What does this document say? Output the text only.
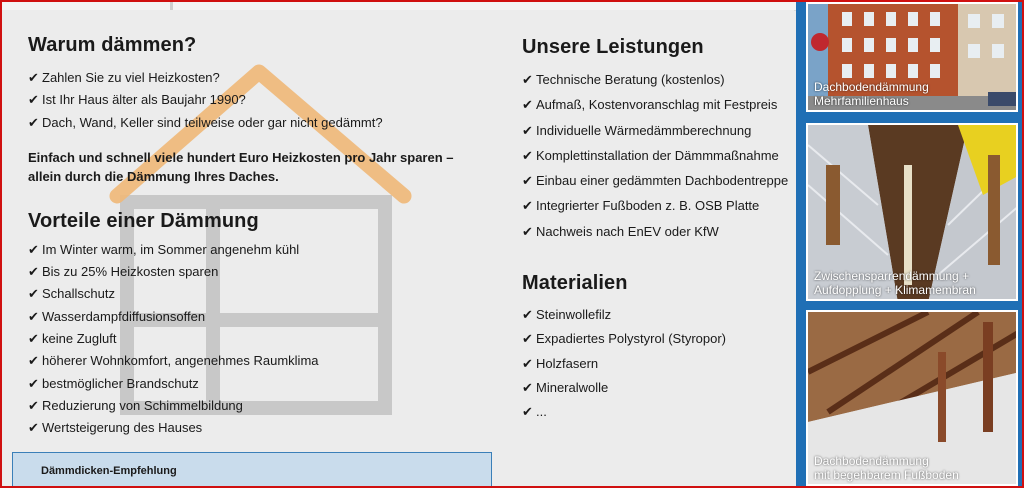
Warum dämmen?
✔ Zahlen Sie zu viel Heizkosten?
✔ Ist Ihr Haus älter als Baujahr 1990?
✔ Dach, Wand, Keller sind teilweise oder gar nicht gedämmt?

Einfach und schnell viele hundert Euro Heizkosten pro Jahr sparen –
allein durch die Dämmung Ihres Daches.

Vorteile einer Dämmung
✔ Im Winter warm, im Sommer angenehm kühl
✔ Bis zu 25% Heizkosten sparen
✔ Schallschutz
✔ Wasserdampfdiffusionsoffen
✔ keine Zugluft
✔ höherer Wohnkomfort, angenehmes Raumklima
✔ bestmöglicher Brandschutz
✔ Reduzierung von Schimmelbildung
✔ Wertsteigerung des Hauses
Unsere Leistungen
✔ Technische Beratung (kostenlos)
✔ Aufmaß, Kostenvoranschlag mit Festpreis
✔ Individuelle Wärmedämmberechnung
✔ Komplettinstallation der Dämmmaßnahme
✔ Einbau einer gedämmten Dachbodentreppe
✔ Integrierter Fußboden z. B. OSB Platte
✔ Nachweis nach EnEV oder KfW
Materialien
✔ Steinwollefilz
✔ Expadiertes Polystyrol (Styropor)
✔ Holzfasern
✔ Mineralwolle
✔ ...
Dämmdicken-Empfehlung
Dachbodendämmung
Mehrfamilienhaus
Zwischensparrendämmung +
Aufdopplung + Klimamembran
Dachbodendämmung
mit begehbarem Fußboden
